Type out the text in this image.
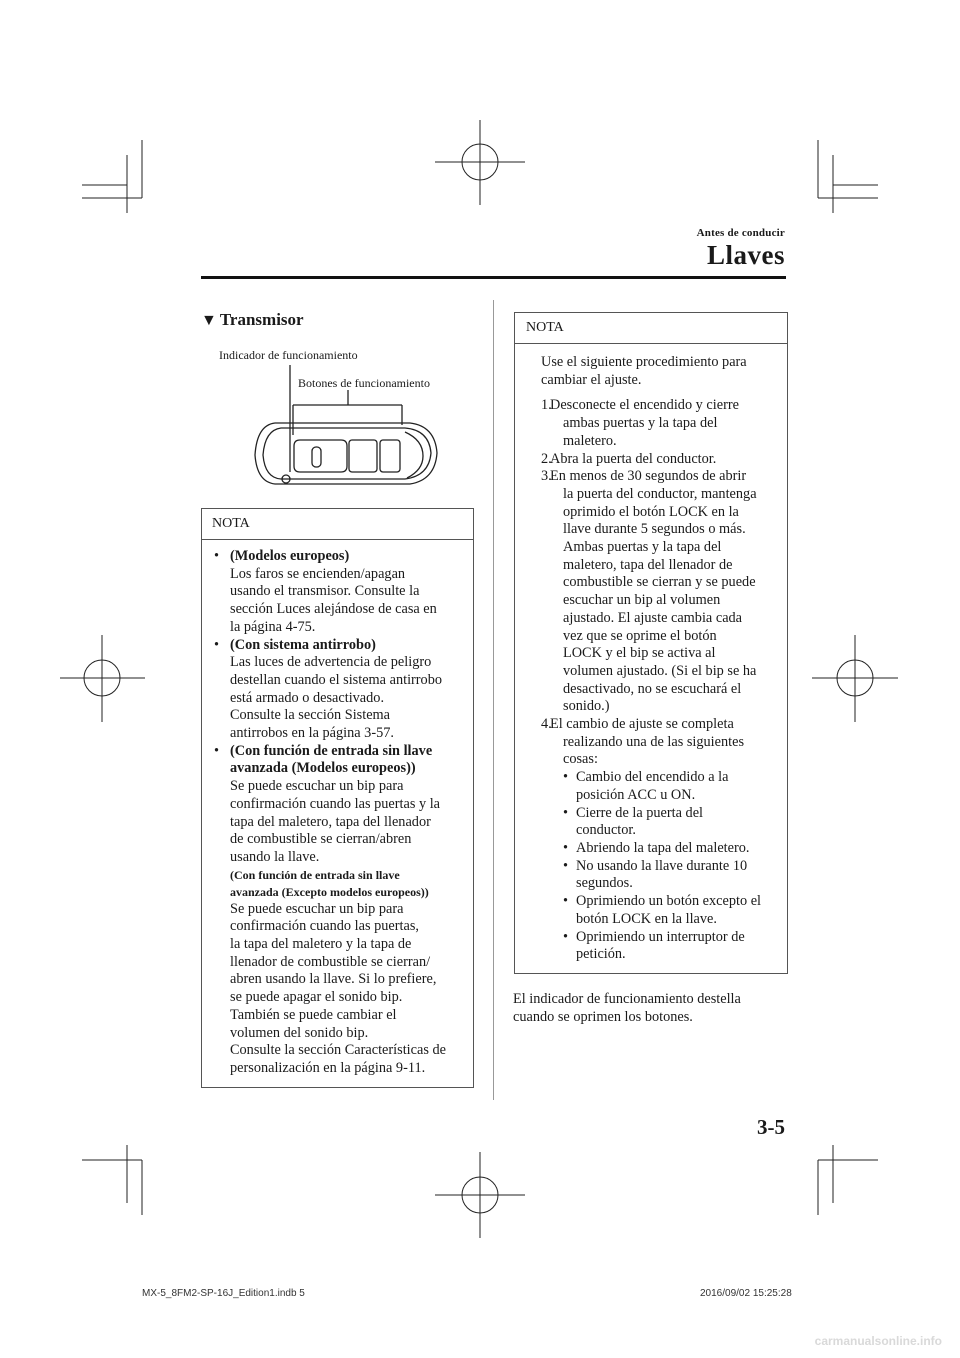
Antes de conducir
Llaves
▼ Transmisor
Indicador de funcionamiento
Botones de funcionamiento
NOTA
• (Modelos europeos)
Los faros se encienden/apagan
usando el transmisor. Consulte la
sección Luces alejándose de casa en
la página 4-75.
• (Con sistema antirrobo)
Las luces de advertencia de peligro
destellan cuando el sistema antirrobo
está armado o desactivado.
Consulte la sección Sistema
antirrobos en la página 3-57.
• (Con función de entrada sin llave
avanzada (Modelos europeos))
Se puede escuchar un bip para
confirmación cuando las puertas y la
tapa del maletero, tapa del llenador
de combustible se cierran/abren
usando la llave.
(Con función de entrada sin llave
avanzada (Excepto modelos europeos))
Se puede escuchar un bip para
confirmación cuando las puertas,
la tapa del maletero y la tapa de
llenador de combustible se cierran/
abren usando la llave. Si lo prefiere,
se puede apagar el sonido bip.
También se puede cambiar el
volumen del sonido bip.
Consulte la sección Características de
personalización en la página 9-11.
NOTA
Use el siguiente procedimiento para
cambiar el ajuste.
1.
Desconecte el encendido y cierre
ambas puertas y la tapa del
maletero.
2.
Abra la puerta del conductor.
3.
En menos de 30 segundos de abrir
la puerta del conductor, mantenga
oprimido el botón LOCK en la
llave durante 5 segundos o más.
Ambas puertas y la tapa del
maletero, tapa del llenador de
combustible se cierran y se puede
escuchar un bip al volumen
ajustado. El ajuste cambia cada
vez que se oprime el botón
LOCK y el bip se activa al
volumen ajustado. (Si el bip se ha
desactivado, no se escuchará el
sonido.)
4.
El cambio de ajuste se completa
realizando una de las siguientes
cosas:
• Cambio del encendido a la
posición ACC u ON.
• Cierre de la puerta del
conductor.
• Abriendo la tapa del maletero.
• No usando la llave durante 10
segundos.
• Oprimiendo un botón excepto el
botón LOCK en la llave.
• Oprimiendo un interruptor de
petición.
El indicador de funcionamiento destella
cuando se oprimen los botones.
3-5
MX-5_8FM2-SP-16J_Edition1.indb 5	2016/09/02 15:25:28
carmanualsonline.info
